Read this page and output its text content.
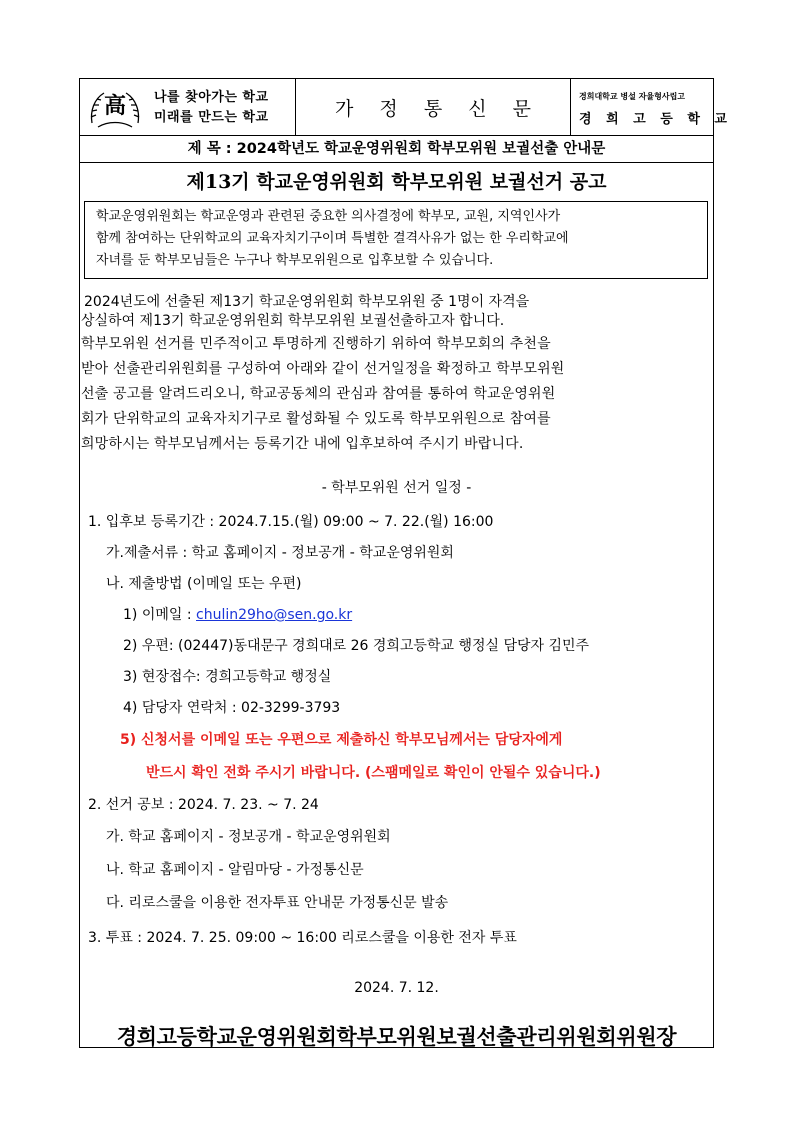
高 나를 찾아가는 학교
미래를 만드는 학교	가 정 통 신 문
경희대학교 병설 자율형사립고
경 희 고 등 학 교
제 목 : 2024학년도 학교운영위원회 학부모위원 보궐선출 안내문
제13기 학교운영위원회 학부모위원 보궐선거 공고

학교운영위원회는 학교운영과 관련된 중요한 의사결정에 학부모, 교원, 지역인사가

함께 참여하는 단위학교의 교육자치기구이며 특별한 결격사유가 없는 한 우리학교에

자녀를 둔 학부모님들은 누구나 학부모위원으로 입후보할 수 있습니다.

2024년도에 선출된 제13기 학교운영위원회 학부모위원 중 1명이 자격을
상실하여 제13기 학교운영위원회 학부모위원 보궐선출하고자 합니다.
학부모위원 선거를 민주적이고 투명하게 진행하기 위하여 학부모회의 추천을
받아 선출관리위원회를 구성하여 아래와 같이 선거일정을 확정하고 학부모위원
선출 공고를 알려드리오니, 학교공동체의 관심과 참여를 통하여 학교운영위원
회가 단위학교의 교육자치기구로 활성화될 수 있도록 학부모위원으로 참여를
희망하시는 학부모님께서는 등록기간 내에 입후보하여 주시기 바랍니다.
- 학부모위원 선거 일정 -
1. 입후보 등록기간 : 2024.7.15.(월) 09:00 ~ 7. 22.(월) 16:00
가.제출서류 : 학교 홈페이지 - 정보공개 - 학교운영위원회
나. 제출방법 (이메일 또는 우편)
1) 이메일 : chulin29ho@sen.go.kr
2) 우편: (02447)동대문구 경희대로 26 경희고등학교 행정실 담당자 김민주
3) 현장접수: 경희고등학교 행정실
4) 담당자 연락처 : 02-3299-3793
5) 신청서를 이메일 또는 우편으로 제출하신 학부모님께서는 담당자에게
반드시 확인 전화 주시기 바랍니다. (스팸메일로 확인이 안될수 있습니다.)
2. 선거 공보 : 2024. 7. 23. ~ 7. 24
가. 학교 홈페이지 - 정보공개 - 학교운영위원회
나. 학교 홈페이지 - 알림마당 - 가정통신문
다. 리로스쿨을 이용한 전자투표 안내문 가정통신문 발송
3. 투표 : 2024. 7. 25. 09:00 ~ 16:00 리로스쿨을 이용한 전자 투표
2024. 7. 12.
경희고등학교운영위원회학부모위원보궐선출관리위원회위원장
